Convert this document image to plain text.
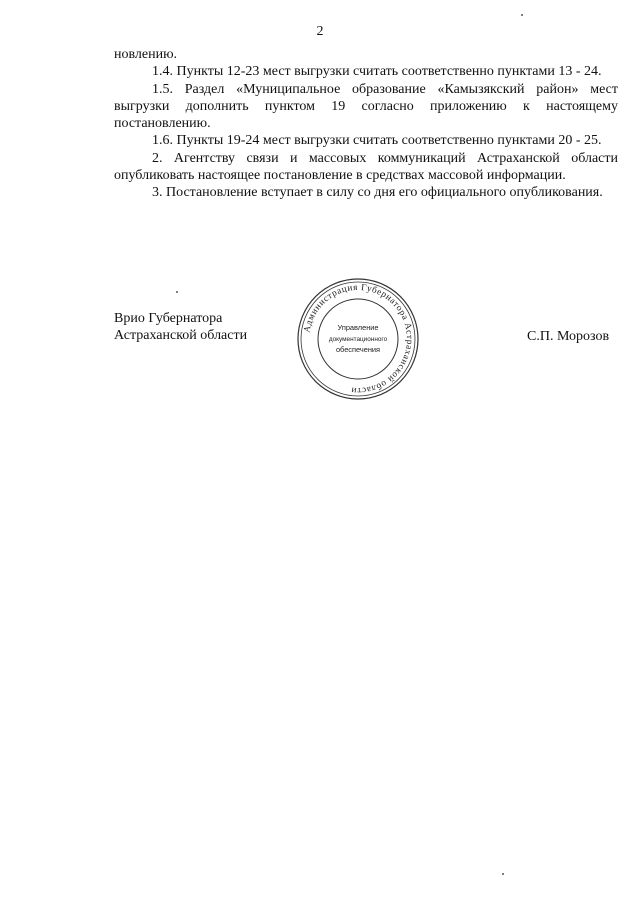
2

новлению.

1.4. Пункты 12-23 мест выгрузки считать соответственно пунктами 13 - 24.

1.5. Раздел «Муниципальное образование «Камызякский район» мест выгрузки дополнить пунктом 19 согласно приложению к настоящему постановлению.

1.6. Пункты 19-24 мест выгрузки считать соответственно пунктами 20 - 25.

2. Агентству связи и массовых коммуникаций Астраханской области опубликовать настоящее постановление в средствах массовой информации.

3. Постановление вступает в силу со дня его официального опубликования.

Врио Губернатора
Астраханской области	Администрация Губернатора Астраханской области
Управление
документационного
обеспечения
С.П. Морозов
